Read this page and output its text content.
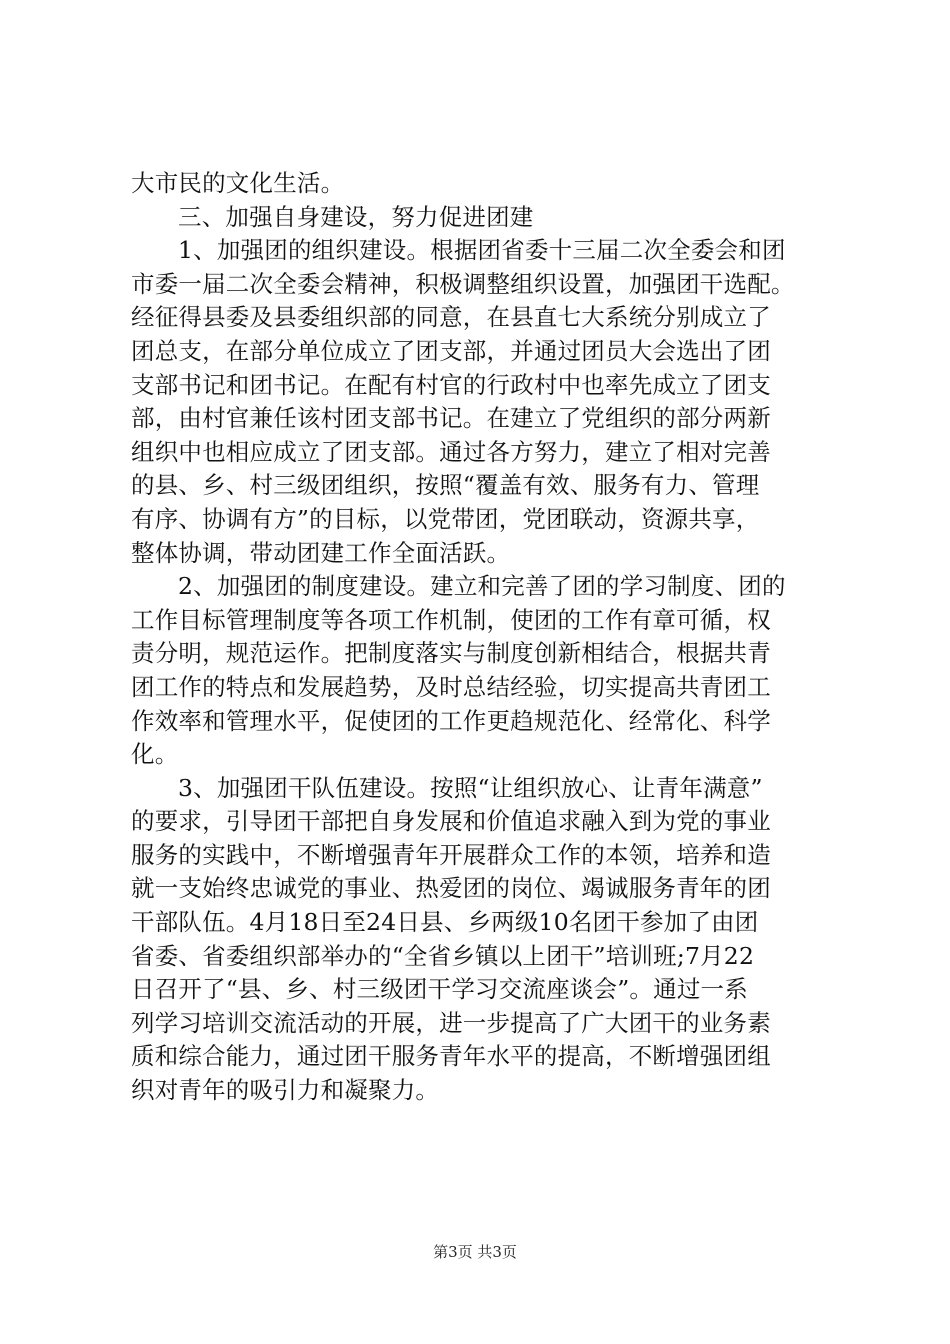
大市民的文化生活。
三、加强自身建设，努力促进团建
1、加强团的组织建设。根据团省委十三届二次全委会和团
市委一届二次全委会精神，积极调整组织设置，加强团干选配。
经征得县委及县委组织部的同意，在县直七大系统分别成立了
团总支，在部分单位成立了团支部，并通过团员大会选出了团
支部书记和团书记。在配有村官的行政村中也率先成立了团支
部，由村官兼任该村团支部书记。在建立了党组织的部分两新
组织中也相应成立了团支部。通过各方努力，建立了相对完善
的县、乡、村三级团组织，按照“覆盖有效、服务有力、管理
有序、协调有方”的目标，以党带团，党团联动，资源共享，
整体协调，带动团建工作全面活跃。
2、加强团的制度建设。建立和完善了团的学习制度、团的
工作目标管理制度等各项工作机制，使团的工作有章可循，权
责分明，规范运作。把制度落实与制度创新相结合，根据共青
团工作的特点和发展趋势，及时总结经验，切实提高共青团工
作效率和管理水平，促使团的工作更趋规范化、经常化、科学
化。
3、加强团干队伍建设。按照“让组织放心、让青年满意”
的要求，引导团干部把自身发展和价值追求融入到为党的事业
服务的实践中，不断增强青年开展群众工作的本领，培养和造
就一支始终忠诚党的事业、热爱团的岗位、竭诚服务青年的团
干部队伍。4月18日至24日县、乡两级10名团干参加了由团
省委、省委组织部举办的“全省乡镇以上团干”培训班;7月22
日召开了“县、乡、村三级团干学习交流座谈会”。通过一系
列学习培训交流活动的开展，进一步提高了广大团干的业务素
质和综合能力，通过团干服务青年水平的提高，不断增强团组
织对青年的吸引力和凝聚力。
第3页 共3页
